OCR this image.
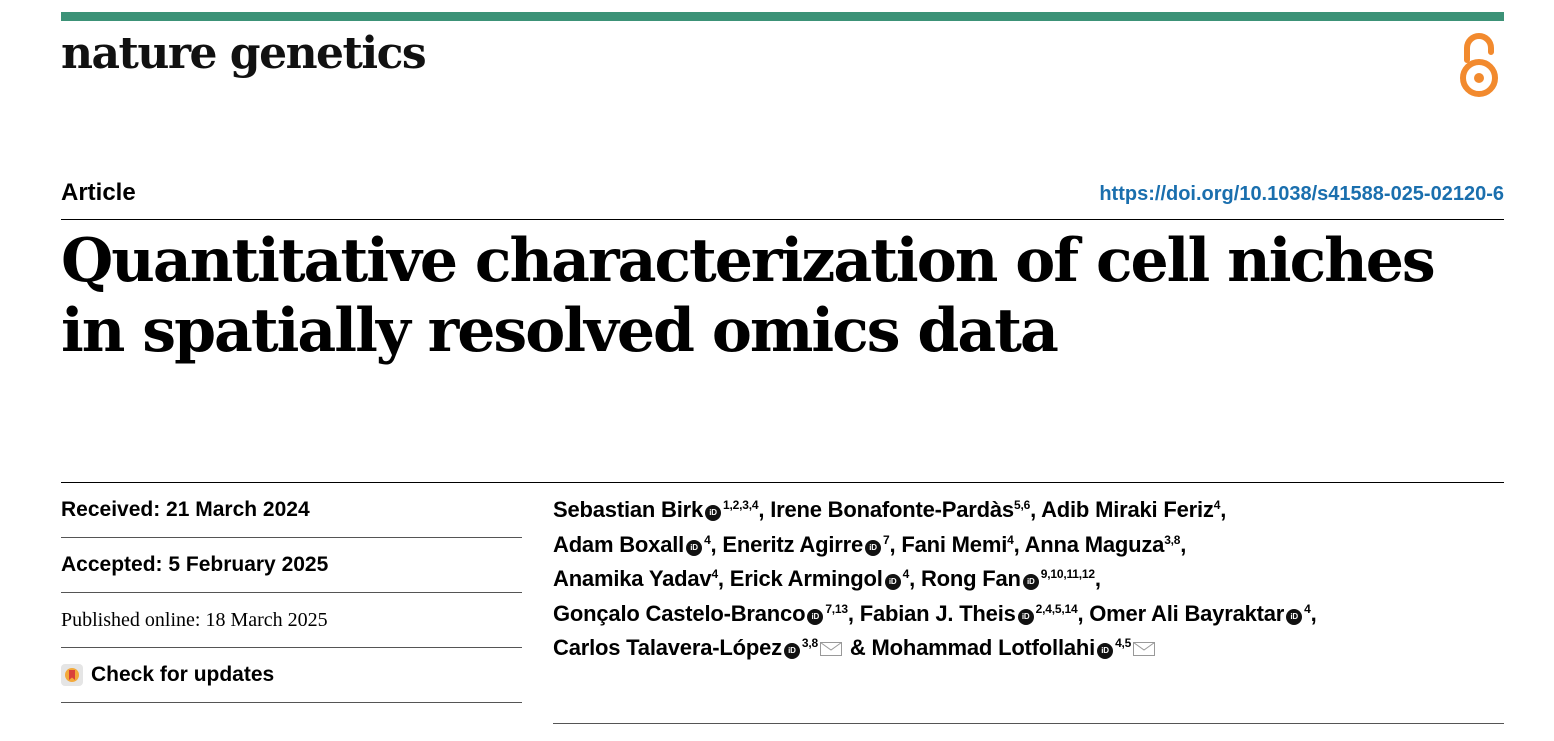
nature genetics
Article	https://doi.org/10.1038/s41588-025-02120-6
Quantitative characterization of cell niches
in spatially resolved omics data
Received: 21 March 2024
Accepted: 5 February 2025
Published online: 18 March 2025
Check for updates
Sebastian Birk iD$^{1,2,3,4}$, Irene Bonafonte-Pardàs$^{5,6}$, Adib Miraki Feriz$^4$,
Adam Boxall $iD^4$, Eneritz Agirre $iD^7$, Fani Memi$^4$, Anna Maguza$^{3,8}$,
Anamika Yadav$^4$, Erick Armingol $iD^4$, Rong Fan iD$^{9,10,11,12}$,
Gonçalo Castelo-Branco iD$^{7,13}$, Fabian J. Theis iD$^{2,4,5,14}$, Omer Ali Bayraktar $iD^4$,
Carlos Talavera-López iD$^{3,8}$ & Mohammad Lotfollahi iD$^{4,5}$
